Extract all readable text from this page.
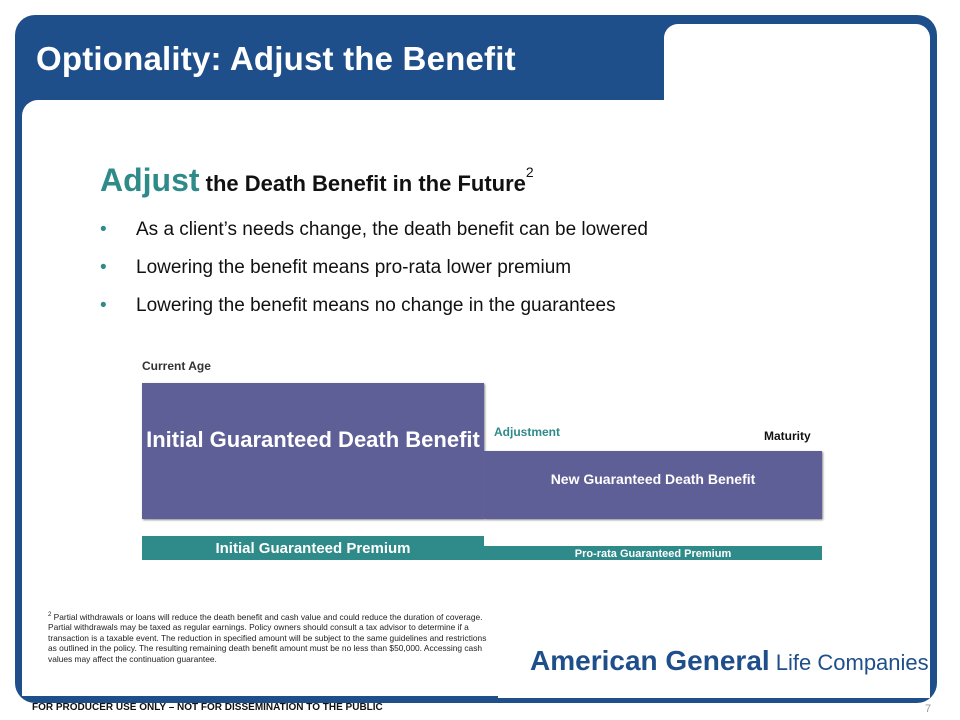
Optionality: Adjust the Benefit
Adjust the Death Benefit in the Future$^2$
• As a client’s needs change, the death benefit can be lowered
• Lowering the benefit means pro-rata lower premium
• Lowering the benefit means no change in the guarantees
Current Age
Initial Guaranteed Death Benefit	Adjustment	Maturity
New Guaranteed Death Benefit
Initial Guaranteed Premium	Pro-rata Guaranteed Premium

$^2$ Partial withdrawals or loans will reduce the death benefit and cash value and could reduce the duration of coverage. Partial withdrawals may be taxed as regular earnings. Policy owners should consult a tax advisor to determine if a transaction is a taxable event. The reduction in specified amount will be subject to the same guidelines and restrictions as outlined in the policy. The resulting remaining death benefit amount must be no less than $50,000. Accessing cash values may affect the continuation guarantee.	American General Life Companies
FOR PRODUCER USE ONLY – NOT FOR DISSEMINATION TO THE PUBLIC	7
